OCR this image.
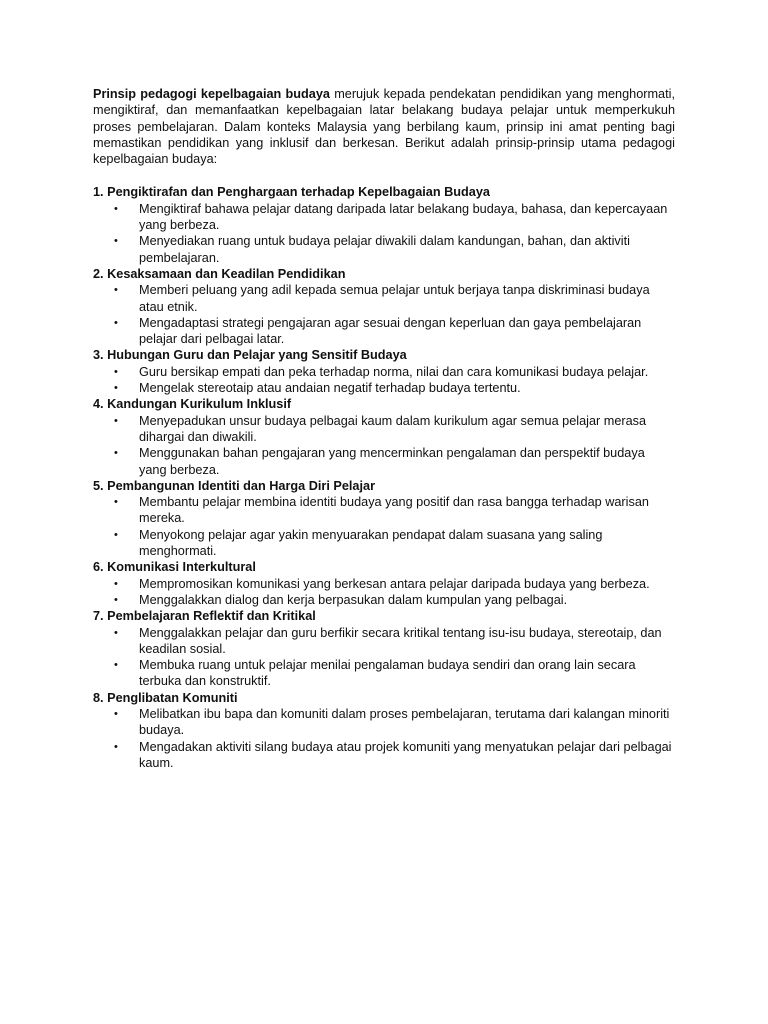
Prinsip pedagogi kepelbagaian budaya merujuk kepada pendekatan pendidikan yang menghormati, mengiktiraf, dan memanfaatkan kepelbagaian latar belakang budaya pelajar untuk memperkukuh proses pembelajaran. Dalam konteks Malaysia yang berbilang kaum, prinsip ini amat penting bagi memastikan pendidikan yang inklusif dan berkesan. Berikut adalah prinsip-prinsip utama pedagogi kepelbagaian budaya:

1. Pengiktirafan dan Penghargaan terhadap Kepelbagaian Budaya

• Mengiktiraf bahawa pelajar datang daripada latar belakang budaya, bahasa, dan kepercayaan yang berbeza.
• Menyediakan ruang untuk budaya pelajar diwakili dalam kandungan, bahan, dan aktiviti pembelajaran.

2. Kesaksamaan dan Keadilan Pendidikan

• Memberi peluang yang adil kepada semua pelajar untuk berjaya tanpa diskriminasi budaya atau etnik.
• Mengadaptasi strategi pengajaran agar sesuai dengan keperluan dan gaya pembelajaran pelajar dari pelbagai latar.

3. Hubungan Guru dan Pelajar yang Sensitif Budaya

• Guru bersikap empati dan peka terhadap norma, nilai dan cara komunikasi budaya pelajar.
• Mengelak stereotaip atau andaian negatif terhadap budaya tertentu.

4. Kandungan Kurikulum Inklusif

• Menyepadukan unsur budaya pelbagai kaum dalam kurikulum agar semua pelajar merasa dihargai dan diwakili.
• Menggunakan bahan pengajaran yang mencerminkan pengalaman dan perspektif budaya yang berbeza.

5. Pembangunan Identiti dan Harga Diri Pelajar

• Membantu pelajar membina identiti budaya yang positif dan rasa bangga terhadap warisan mereka.
• Menyokong pelajar agar yakin menyuarakan pendapat dalam suasana yang saling menghormati.

6. Komunikasi Interkultural

• Mempromosikan komunikasi yang berkesan antara pelajar daripada budaya yang berbeza.
• Menggalakkan dialog dan kerja berpasukan dalam kumpulan yang pelbagai.

7. Pembelajaran Reflektif dan Kritikal

• Menggalakkan pelajar dan guru berfikir secara kritikal tentang isu-isu budaya, stereotaip, dan keadilan sosial.
• Membuka ruang untuk pelajar menilai pengalaman budaya sendiri dan orang lain secara terbuka dan konstruktif.

8. Penglibatan Komuniti

• Melibatkan ibu bapa dan komuniti dalam proses pembelajaran, terutama dari kalangan minoriti budaya.
• Mengadakan aktiviti silang budaya atau projek komuniti yang menyatukan pelajar dari pelbagai kaum.
